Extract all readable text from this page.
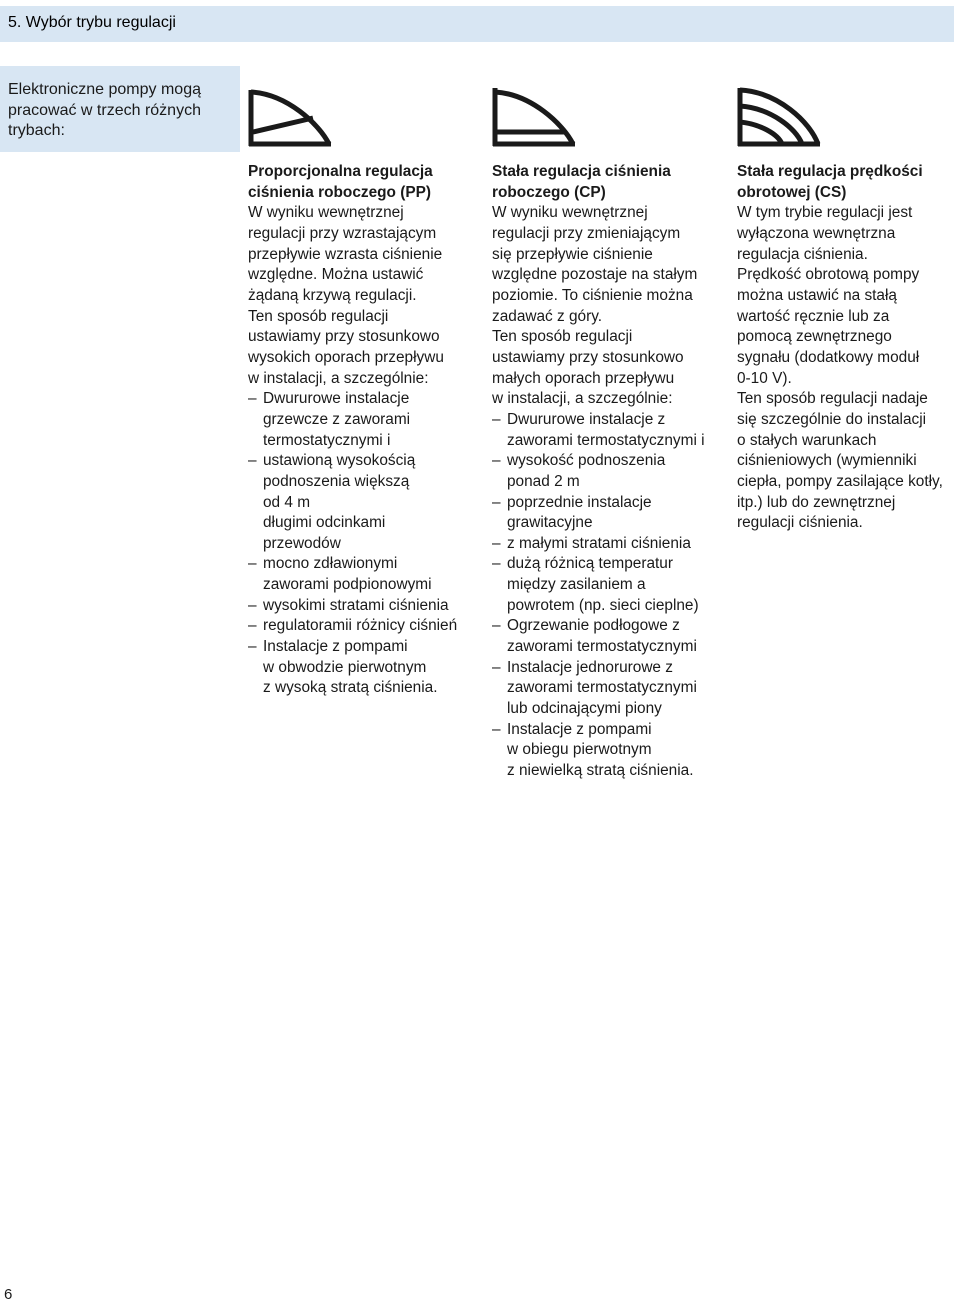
5. Wybór trybu regulacji
Elektroniczne pompy mogą
pracować w trzech różnych
trybach:
Proporcjonalna regulacja
ciśnienia roboczego (PP)
W wyniku wewnętrznej
regulacji przy wzrastającym
przepływie wzrasta ciśnienie
względne. Można ustawić
żądaną krzywą regulacji.
Ten sposób regulacji
ustawiamy przy stosunkowo
wysokich oporach przepływu
w instalacji, a szczególnie:
– Dwururowe instalacje
grzewcze z zaworami
termostatycznymi i
– ustawioną wysokością
podnoszenia większą
od 4 m
długimi odcinkami
przewodów
– mocno zdławionymi
zaworami podpionowymi
– wysokimi stratami ciśnienia
– regulatoramii różnicy ciśnień
– Instalacje z pompami
w obwodzie pierwotnym
z wysoką stratą ciśnienia.
Stała regulacja ciśnienia
roboczego (CP)
W wyniku wewnętrznej
regulacji przy zmieniającym
się przepływie ciśnienie
względne pozostaje na stałym
poziomie. To ciśnienie można
zadawać z góry.
Ten sposób regulacji
ustawiamy przy stosunkowo
małych oporach przepływu
w instalacji, a szczególnie:
– Dwururowe instalacje z
zaworami termostatycznymi i
– wysokość podnoszenia
ponad 2 m
– poprzednie instalacje
grawitacyjne
– z małymi stratami ciśnienia
– dużą różnicą temperatur
między zasilaniem a
powrotem (np. sieci cieplne)
– Ogrzewanie podłogowe z
zaworami termostatycznymi
– Instalacje jednorurowe z
zaworami termostatycznymi
lub odcinającymi piony
– Instalacje z pompami
w obiegu pierwotnym
z niewielką stratą ciśnienia.
Stała regulacja prędkości
obrotowej (CS)
W tym trybie regulacji jest
wyłączona wewnętrzna
regulacja ciśnienia.
Prędkość obrotową pompy
można ustawić na stałą
wartość ręcznie lub za
pomocą zewnętrznego
sygnału (dodatkowy moduł
0-10 V).
Ten sposób regulacji nadaje
się szczególnie do instalacji
o stałych warunkach
ciśnieniowych (wymienniki
ciepła, pompy zasilające kotły,
itp.) lub do zewnętrznej
regulacji ciśnienia.
6
